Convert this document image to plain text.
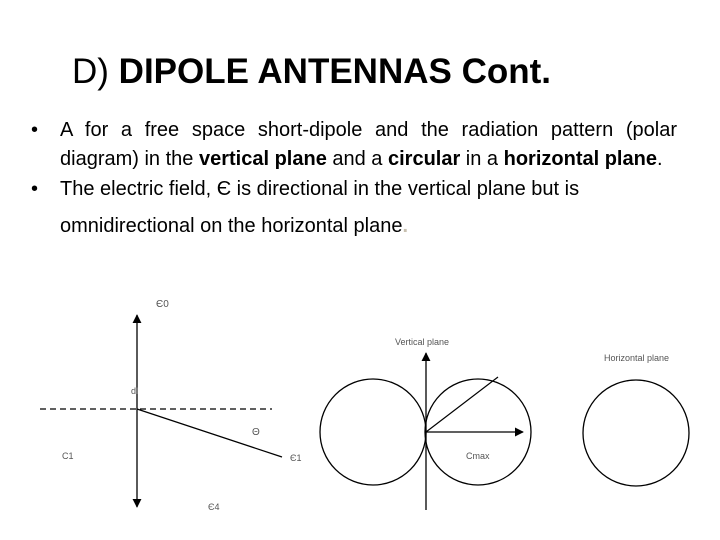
D) DIPOLE ANTENNAS Cont.

• A for a free space short-dipole and the radiation pattern (polar diagram) in the vertical plane and a circular in a horizontal plane.

• The electric field, Є is directional in the vertical plane but is
omnidirectional on the horizontal plane.

Є0
dl
Θ
C1	Є1
Є4
Vertical plane
Cmax
Horizontal plane
